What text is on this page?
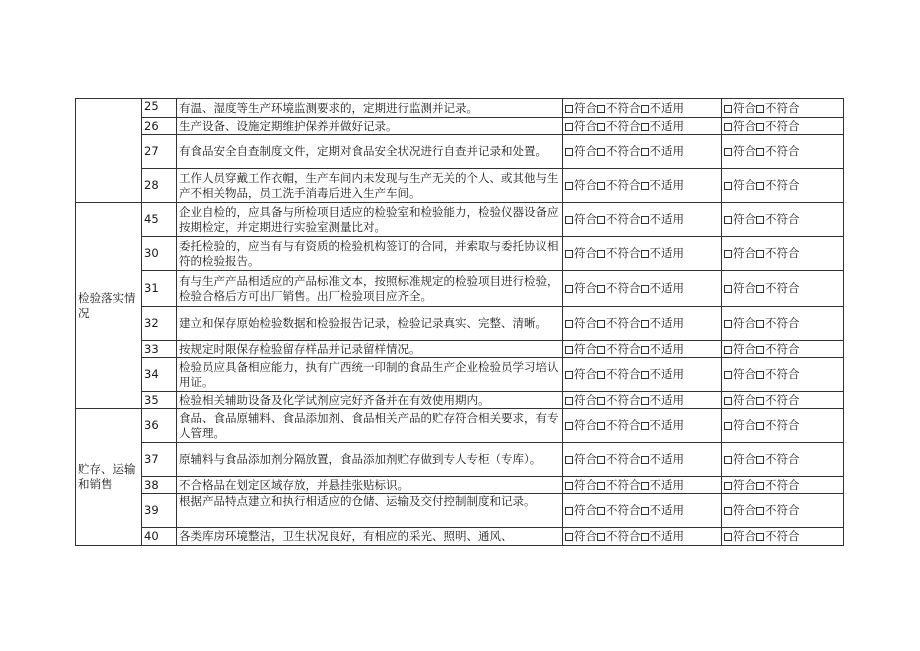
	25	有温、湿度等生产环境监测要求的，定期进行监测并记录。	符合 不符合 不适用	符合 不符合
	26	生产设备、设施定期维护保养并做好记录。	符合 不符合 不适用	符合 不符合
	27	有食品安全自查制度文件，定期对食品安全状况进行自查并记录和处置。	符合 不符合 不适用	符合 不符合
	28	工作人员穿戴工作衣帽，生产车间内未发现与生产无关的个人、或其他与生产不相关物品，员工洗手消毒后进入生产车间。	符合 不符合 不适用	符合 不符合
检验落实情况	45	企业自检的，应具备与所检项目适应的检验室和检验能力，检验仪器设备应按期检定，并定期进行实验室测量比对。	符合 不符合 不适用	符合 不符合
	30	委托检验的，应当有与有资质的检验机构签订的合同，并索取与委托协议相符的检验报告。	符合 不符合 不适用	符合 不符合
	31	有与生产产品相适应的产品标准文本，按照标准规定的检验项目进行检验，检验合格后方可出厂销售。出厂检验项目应齐全。	符合 不符合 不适用	符合 不符合
	32	建立和保存原始检验数据和检验报告记录，检验记录真实、完整、清晰。	符合 不符合 不适用	符合 不符合
	33	按规定时限保存检验留存样品并记录留样情况。	符合 不符合 不适用	符合 不符合
	34	检验员应具备相应能力，执有广西统一印制的食品生产企业检验员学习培认用证。	符合 不符合 不适用	符合 不符合
	35	检验相关辅助设备及化学试剂应完好齐备并在有效使用期内。	符合 不符合 不适用	符合 不符合
贮存、运输和销售	36	食品、食品原辅料、食品添加剂、食品相关产品的贮存符合相关要求，有专人管理。	符合 不符合 不适用	符合 不符合
	37	原辅料与食品添加剂分隔放置，食品添加剂贮存做到专人专柜（专库）。	符合 不符合 不适用	符合 不符合
	38	不合格品在划定区域存放，并悬挂张贴标识。	符合 不符合 不适用	符合 不符合
	39	根据产品特点建立和执行相适应的仓储、运输及交付控制制度和记录。	符合 不符合 不适用	符合 不符合
	40	各类库房环境整洁，卫生状况良好，有相应的采光、照明、通风、	符合 不符合 不适用	符合 不符合
